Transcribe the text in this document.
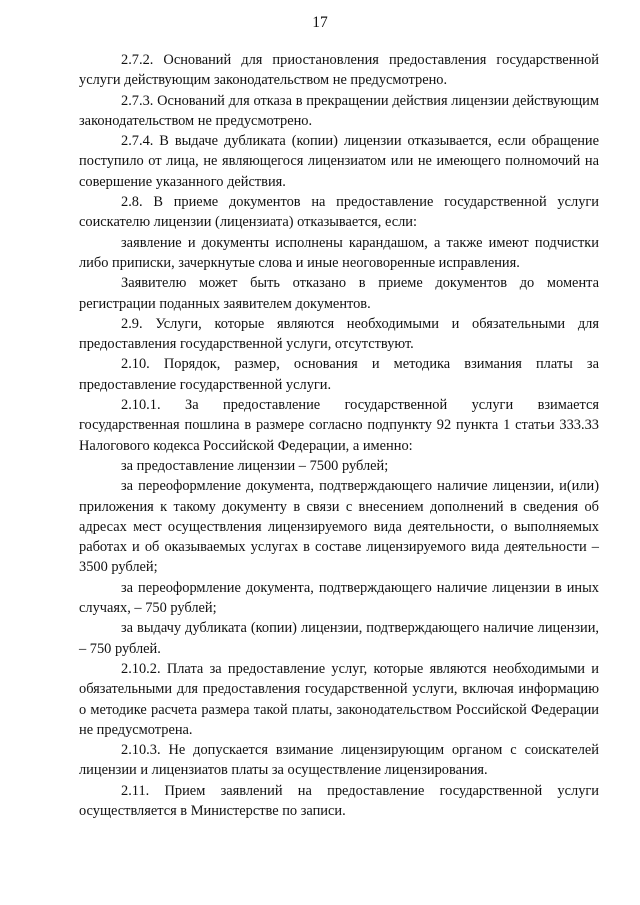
17

2.7.2. Оснований для приостановления предоставления государственной услуги действующим законодательством не предусмотрено.

2.7.3. Оснований для отказа в прекращении действия лицензии действующим законодательством не предусмотрено.

2.7.4. В выдаче дубликата (копии) лицензии отказывается, если обращение поступило от лица, не являющегося лицензиатом или не имеющего полномочий на совершение указанного действия.

2.8. В приеме документов на предоставление государственной услуги соискателю лицензии (лицензиата) отказывается, если:

заявление и документы исполнены карандашом, а также имеют подчистки либо приписки, зачеркнутые слова и иные неоговоренные исправления.

Заявителю может быть отказано в приеме документов до момента регистрации поданных заявителем документов.

2.9. Услуги, которые являются необходимыми и обязательными для предоставления государственной услуги, отсутствуют.

2.10. Порядок, размер, основания и методика взимания платы за предоставление государственной услуги.

2.10.1. За предоставление государственной услуги взимается государственная пошлина в размере согласно подпункту 92 пункта 1 статьи 333.33 Налогового кодекса Российской Федерации, а именно:

за предоставление лицензии – 7500 рублей;

за переоформление документа, подтверждающего наличие лицензии, и(или) приложения к такому документу в связи с внесением дополнений в сведения об адресах мест осуществления лицензируемого вида деятельности, о выполняемых работах и об оказываемых услугах в составе лицензируемого вида деятельности – 3500 рублей;

за переоформление документа, подтверждающего наличие лицензии в иных случаях, – 750 рублей;

за выдачу дубликата (копии) лицензии, подтверждающего наличие лицензии, – 750 рублей.

2.10.2. Плата за предоставление услуг, которые являются необходимыми и обязательными для предоставления государственной услуги, включая информацию о методике расчета размера такой платы, законодательством Российской Федерации не предусмотрена.

2.10.3. Не допускается взимание лицензирующим органом с соискателей лицензии и лицензиатов платы за осуществление лицензирования.

2.11. Прием заявлений на предоставление государственной услуги осуществляется в Министерстве по записи.
